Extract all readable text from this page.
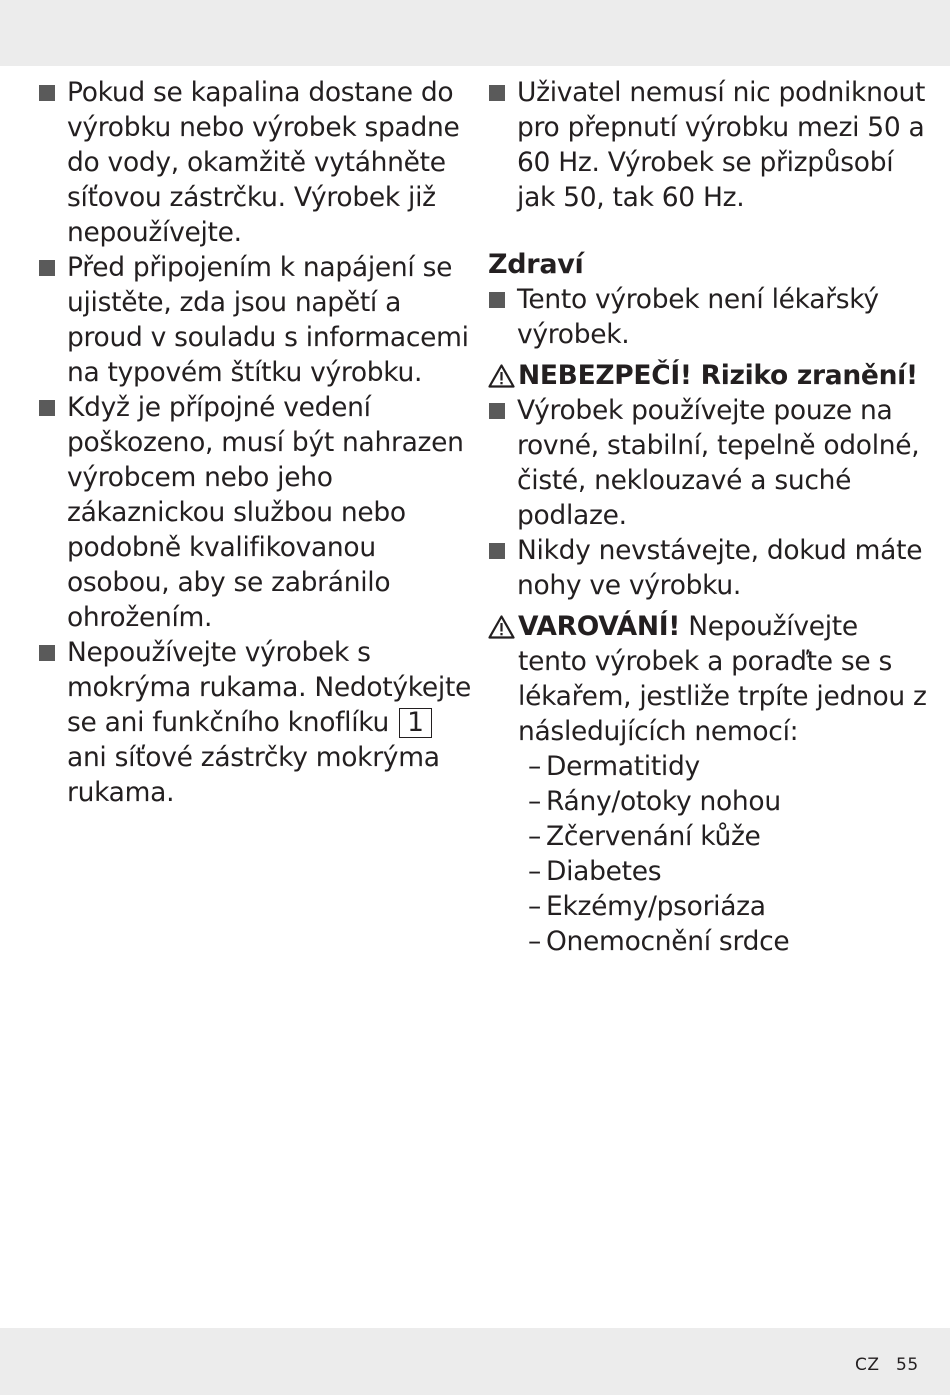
Pokud se kapalina dostane do výrobku nebo výrobek spadne do vody, okamžitě vytáhněte síťovou zástrčku. Výrobek již nepoužívejte.
Před připojením k napájení se ujistěte, zda jsou napětí a proud v souladu s informacemi na typovém štítku výrobku.
Když je přípojné vedení poškozeno, musí být nahrazen výrobcem nebo jeho zákaznickou službou nebo podobně kvalifikovanou osobou, aby se zabránilo ohrožením.
Nepoužívejte výrobek s mokrýma rukama. Nedotýkejte se ani funkčního knoflíku 1 ani síťové zástrčky mokrýma rukama.
Uživatel nemusí nic podniknout pro přepnutí výrobku mezi 50 a 60 Hz. Výrobek se přizpůsobí jak 50, tak 60 Hz.
Zdraví
Tento výrobek není lékařský výrobek.
NEBEZPEČÍ! Riziko zranění!
Výrobek používejte pouze na rovné, stabilní, tepelně odolné, čisté, neklouzavé a suché podlaze.
Nikdy nevstávejte, dokud máte nohy ve výrobku.
VAROVÁNÍ! Nepoužívejte tento výrobek a poraďte se s lékařem, jestliže trpíte jednou z následujících nemocí:
– Dermatitidy
– Rány/otoky nohou
– Zčervenání kůže
– Diabetes
– Ekzémy/psoriáza
– Onemocnění srdce
CZ 55
